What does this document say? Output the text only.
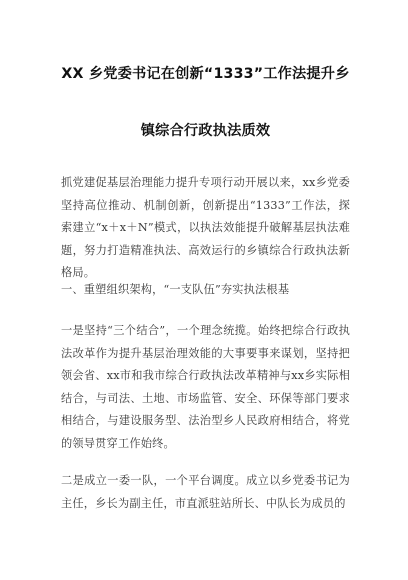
XX 乡党委书记在创新“1333”工作法提升乡
镇综合行政执法质效

抓党建促基层治理能力提升专项行动开展以来，xx乡党委坚持高位推动、机制创新，创新提出“1333”工作法，探索建立“x＋x＋N”模式，以执法效能提升破解基层执法难题，努力打造精准执法、高效运行的乡镇综合行政执法新格局。

一、重塑组织架构，“一支队伍”夯实执法根基

一是坚持“三个结合”，一个理念统揽。始终把综合行政执法改革作为提升基层治理效能的大事要事来谋划，坚持把领会省、xx市和我市综合行政执法改革精神与xx乡实际相结合，与司法、土地、市场监管、安全、环保等部门要求相结合，与建设服务型、法治型乡人民政府相结合，将党的领导贯穿工作始终。

二是成立一委一队，一个平台调度。成立以乡党委书记为主任，乡长为副主任，市直派驻站所长、中队长为成员的
